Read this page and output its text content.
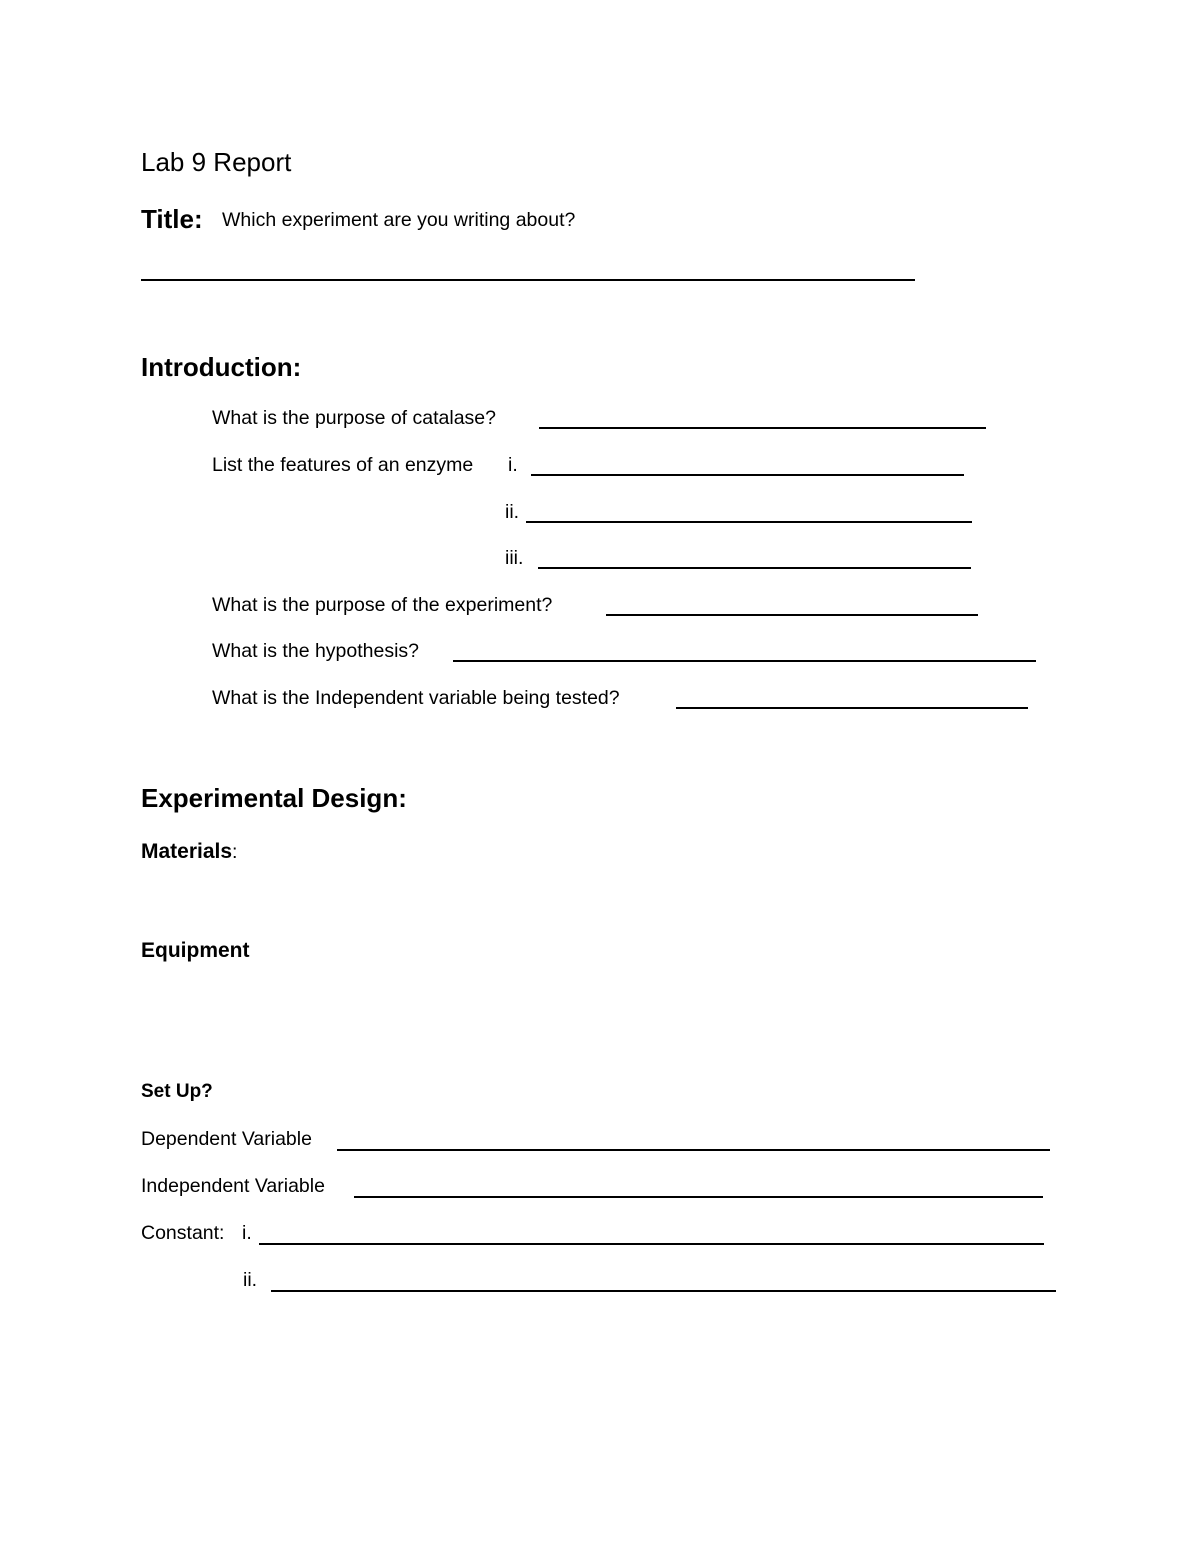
Lab 9 Report
Title: Which experiment are you writing about?
Introduction:
What is the purpose of catalase?
List the features of an enzyme i.
ii.
iii.
What is the purpose of the experiment?
What is the hypothesis?
What is the Independent variable being tested?
Experimental Design:
Materials:
Equipment
Set Up?
Dependent Variable
Independent Variable
Constant: i.
ii.
